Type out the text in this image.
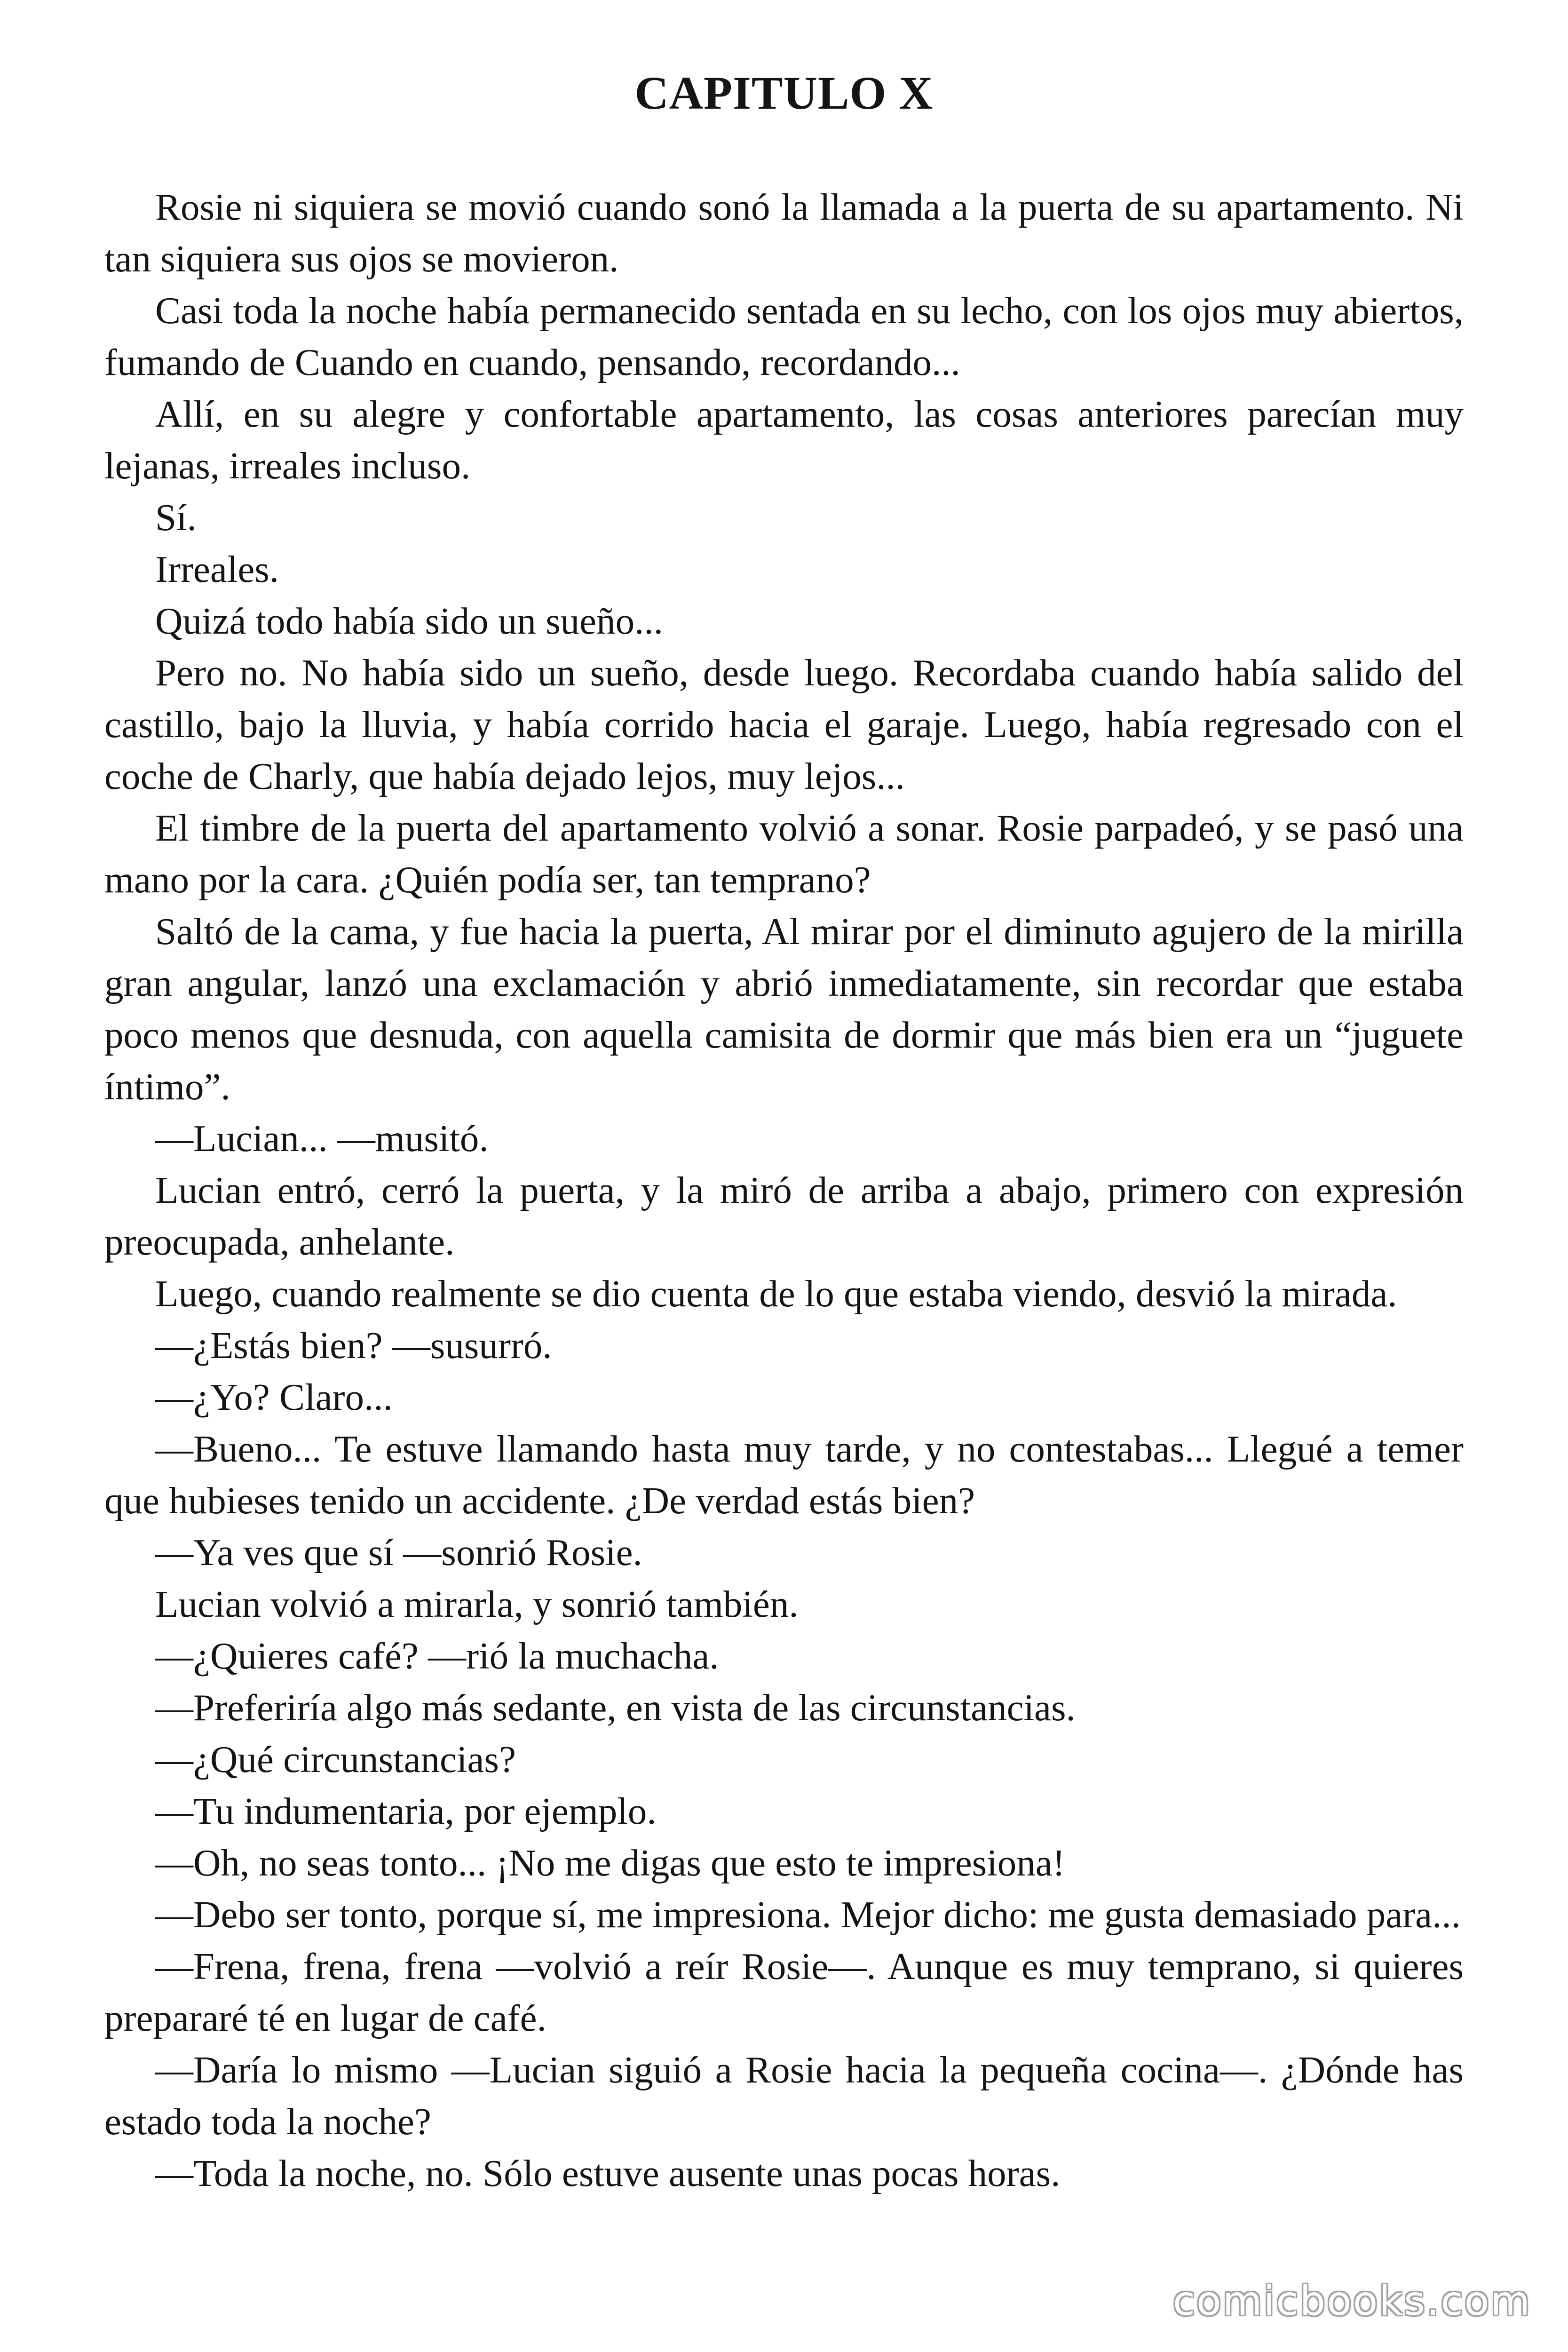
CAPITULO X

Rosie ni siquiera se movió cuando sonó la llamada a la puerta de su apartamento. Ni tan siquiera sus ojos se movieron.

Casi toda la noche había permanecido sentada en su lecho, con los ojos muy abiertos, fumando de Cuando en cuando, pensando, recordando...

Allí, en su alegre y confortable apartamento, las cosas anteriores parecían muy lejanas, irreales incluso.

Sí.

Irreales.

Quizá todo había sido un sueño...

Pero no. No había sido un sueño, desde luego. Recordaba cuando había salido del castillo, bajo la lluvia, y había corrido hacia el garaje. Luego, había regresado con el coche de Charly, que había dejado lejos, muy lejos...

El timbre de la puerta del apartamento volvió a sonar. Rosie parpadeó, y se pasó una mano por la cara. ¿Quién podía ser, tan temprano?

Saltó de la cama, y fue hacia la puerta, Al mirar por el diminuto agujero de la mirilla gran angular, lanzó una exclamación y abrió inmediatamente, sin recordar que estaba poco menos que desnuda, con aquella camisita de dormir que más bien era un “juguete íntimo”.

—Lucian... —musitó.

Lucian entró, cerró la puerta, y la miró de arriba a abajo, primero con expresión preocupada, anhelante.

Luego, cuando realmente se dio cuenta de lo que estaba viendo, desvió la mirada.

—¿Estás bien? —susurró.

—¿Yo? Claro...

—Bueno... Te estuve llamando hasta muy tarde, y no contestabas... Llegué a temer que hubieses tenido un accidente. ¿De verdad estás bien?

—Ya ves que sí —sonrió Rosie.

Lucian volvió a mirarla, y sonrió también.

—¿Quieres café? —rió la muchacha.

—Preferiría algo más sedante, en vista de las circunstancias.

—¿Qué circunstancias?

—Tu indumentaria, por ejemplo.

—Oh, no seas tonto... ¡No me digas que esto te impresiona!

—Debo ser tonto, porque sí, me impresiona. Mejor dicho: me gusta demasiado para...

—Frena, frena, frena —volvió a reír Rosie—. Aunque es muy temprano, si quieres prepararé té en lugar de café.

—Daría lo mismo —Lucian siguió a Rosie hacia la pequeña cocina—. ¿Dónde has estado toda la noche?

—Toda la noche, no. Sólo estuve ausente unas pocas horas.

comicbooks.com
